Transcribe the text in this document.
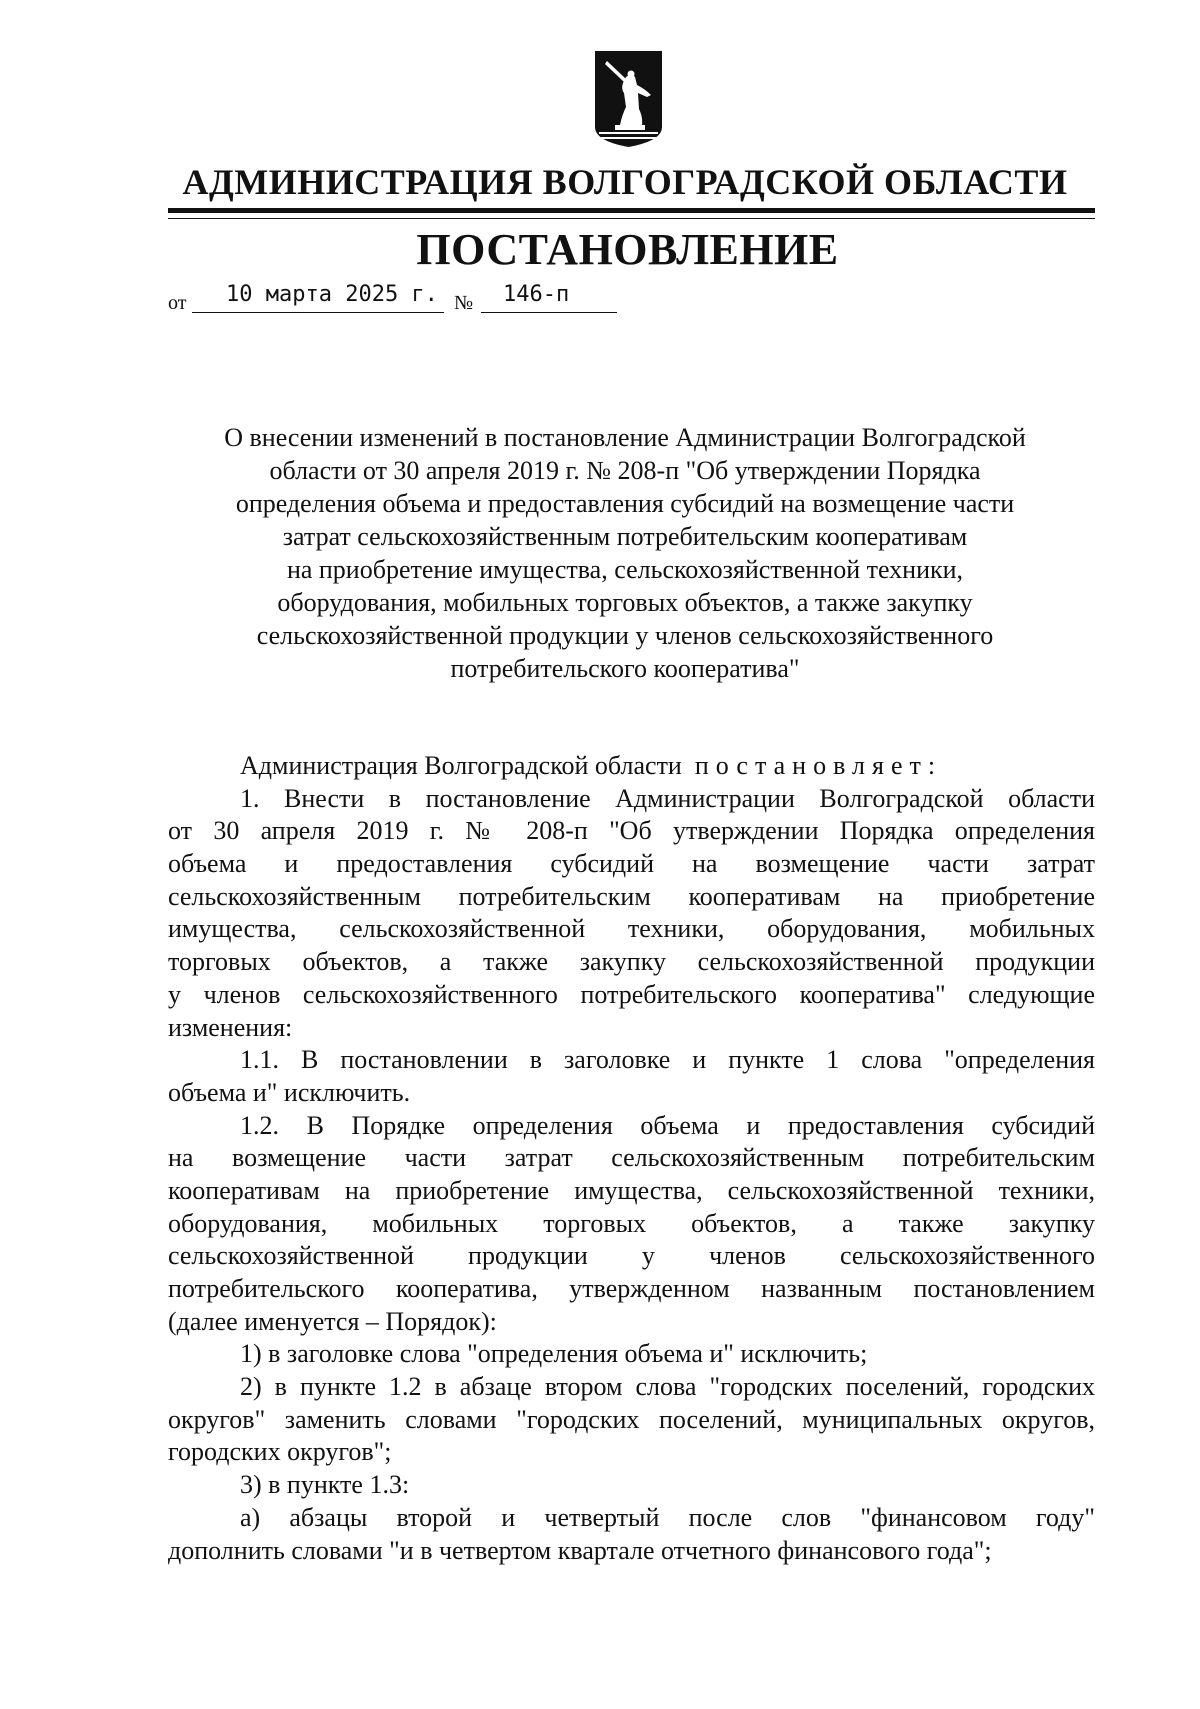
АДМИНИСТРАЦИЯ ВОЛГОГРАДСКОЙ ОБЛАСТИ
ПОСТАНОВЛЕНИЕ
от 10 марта 2025 г. № 146-п
О внесении изменений в постановление Администрации Волгоградской
области от 30 апреля 2019 г. № 208-п "Об утверждении Порядка
определения объема и предоставления субсидий на возмещение части
затрат сельскохозяйственным потребительским кооперативам
на приобретение имущества, сельскохозяйственной техники,
оборудования, мобильных торговых объектов, а также закупку
сельскохозяйственной продукции у членов сельскохозяйственного
потребительского кооператива"
Администрация Волгоградской области постановляет:
1. Внести в постановление Администрации Волгоградской области
от 30 апреля 2019 г. № 208-п "Об утверждении Порядка определения
объема и предоставления субсидий на возмещение части затрат
сельскохозяйственным потребительским кооперативам на приобретение
имущества, сельскохозяйственной техники, оборудования, мобильных
торговых объектов, а также закупку сельскохозяйственной продукции
у членов сельскохозяйственного потребительского кооператива" следующие
изменения:
1.1. В постановлении в заголовке и пункте 1 слова "определения
объема и" исключить.
1.2. В Порядке определения объема и предоставления субсидий
на возмещение части затрат сельскохозяйственным потребительским
кооперативам на приобретение имущества, сельскохозяйственной техники,
оборудования, мобильных торговых объектов, а также закупку
сельскохозяйственной продукции у членов сельскохозяйственного
потребительского кооператива, утвержденном названным постановлением
(далее именуется – Порядок):
1) в заголовке слова "определения объема и" исключить;
2) в пункте 1.2 в абзаце втором слова "городских поселений, городских
округов" заменить словами "городских поселений, муниципальных округов,
городских округов";
3) в пункте 1.3:
а) абзацы второй и четвертый после слов "финансовом году"
дополнить словами "и в четвертом квартале отчетного финансового года";
